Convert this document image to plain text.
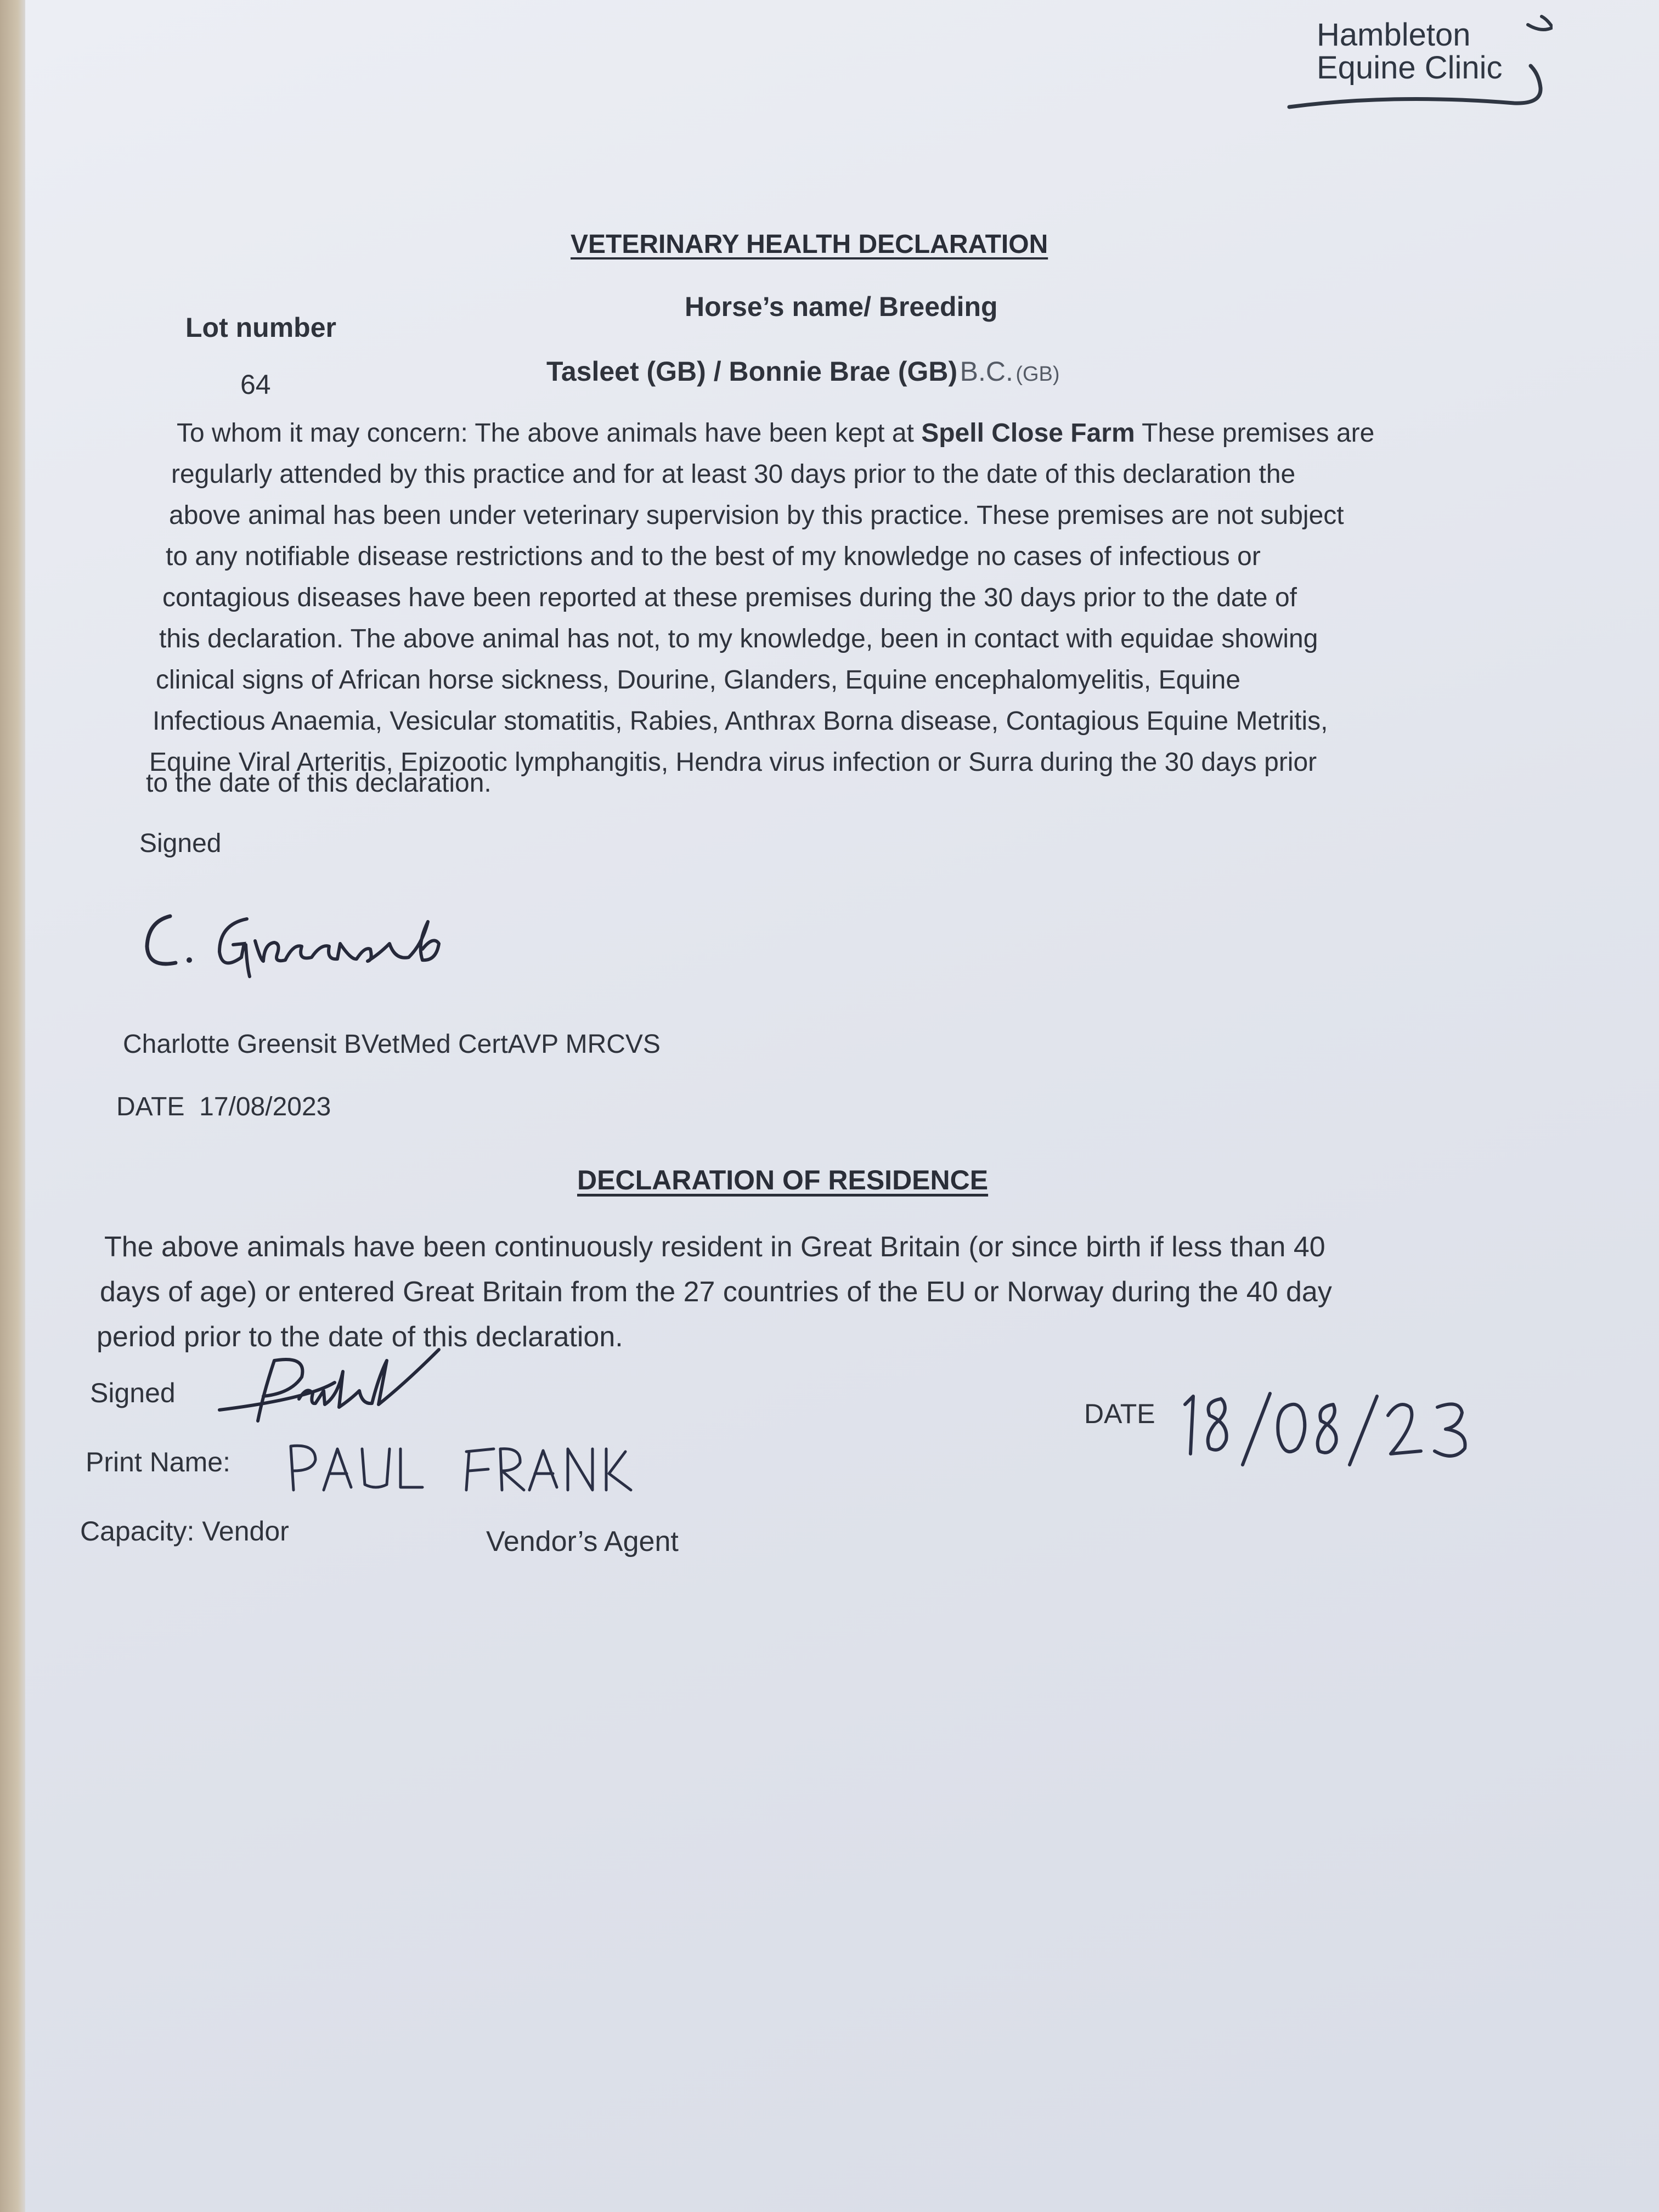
Hambleton
Equine Clinic
VETERINARY HEALTH DECLARATION
Horse’s name/ Breeding
Lot number
64	Tasleet (GB) / Bonnie Brae (GB) B.C. (GB)
To whom it may concern: The above animals have been kept at Spell Close Farm These premises are
regularly attended by this practice and for at least 30 days prior to the date of this declaration the
above animal has been under veterinary supervision by this practice. These premises are not subject
to any notifiable disease restrictions and to the best of my knowledge no cases of infectious or
contagious diseases have been reported at these premises during the 30 days prior to the date of
this declaration. The above animal has not, to my knowledge, been in contact with equidae showing
clinical signs of African horse sickness, Dourine, Glanders, Equine encephalomyelitis, Equine
Infectious Anaemia, Vesicular stomatitis, Rabies, Anthrax Borna disease, Contagious Equine Metritis,
Equine Viral Arteritis, Epizootic lymphangitis, Hendra virus infection or Surra during the 30 days prior
to the date of this declaration.
Signed
Charlotte Greensit BVetMed CertAVP MRCVS
DATE 17/08/2023
DECLARATION OF RESIDENCE
The above animals have been continuously resident in Great Britain (or since birth if less than 40
days of age) or entered Great Britain from the 27 countries of the EU or Norway during the 40 day
period prior to the date of this declaration.
Signed
Print Name:
DATE
Capacity: Vendor	Vendor’s Agent
